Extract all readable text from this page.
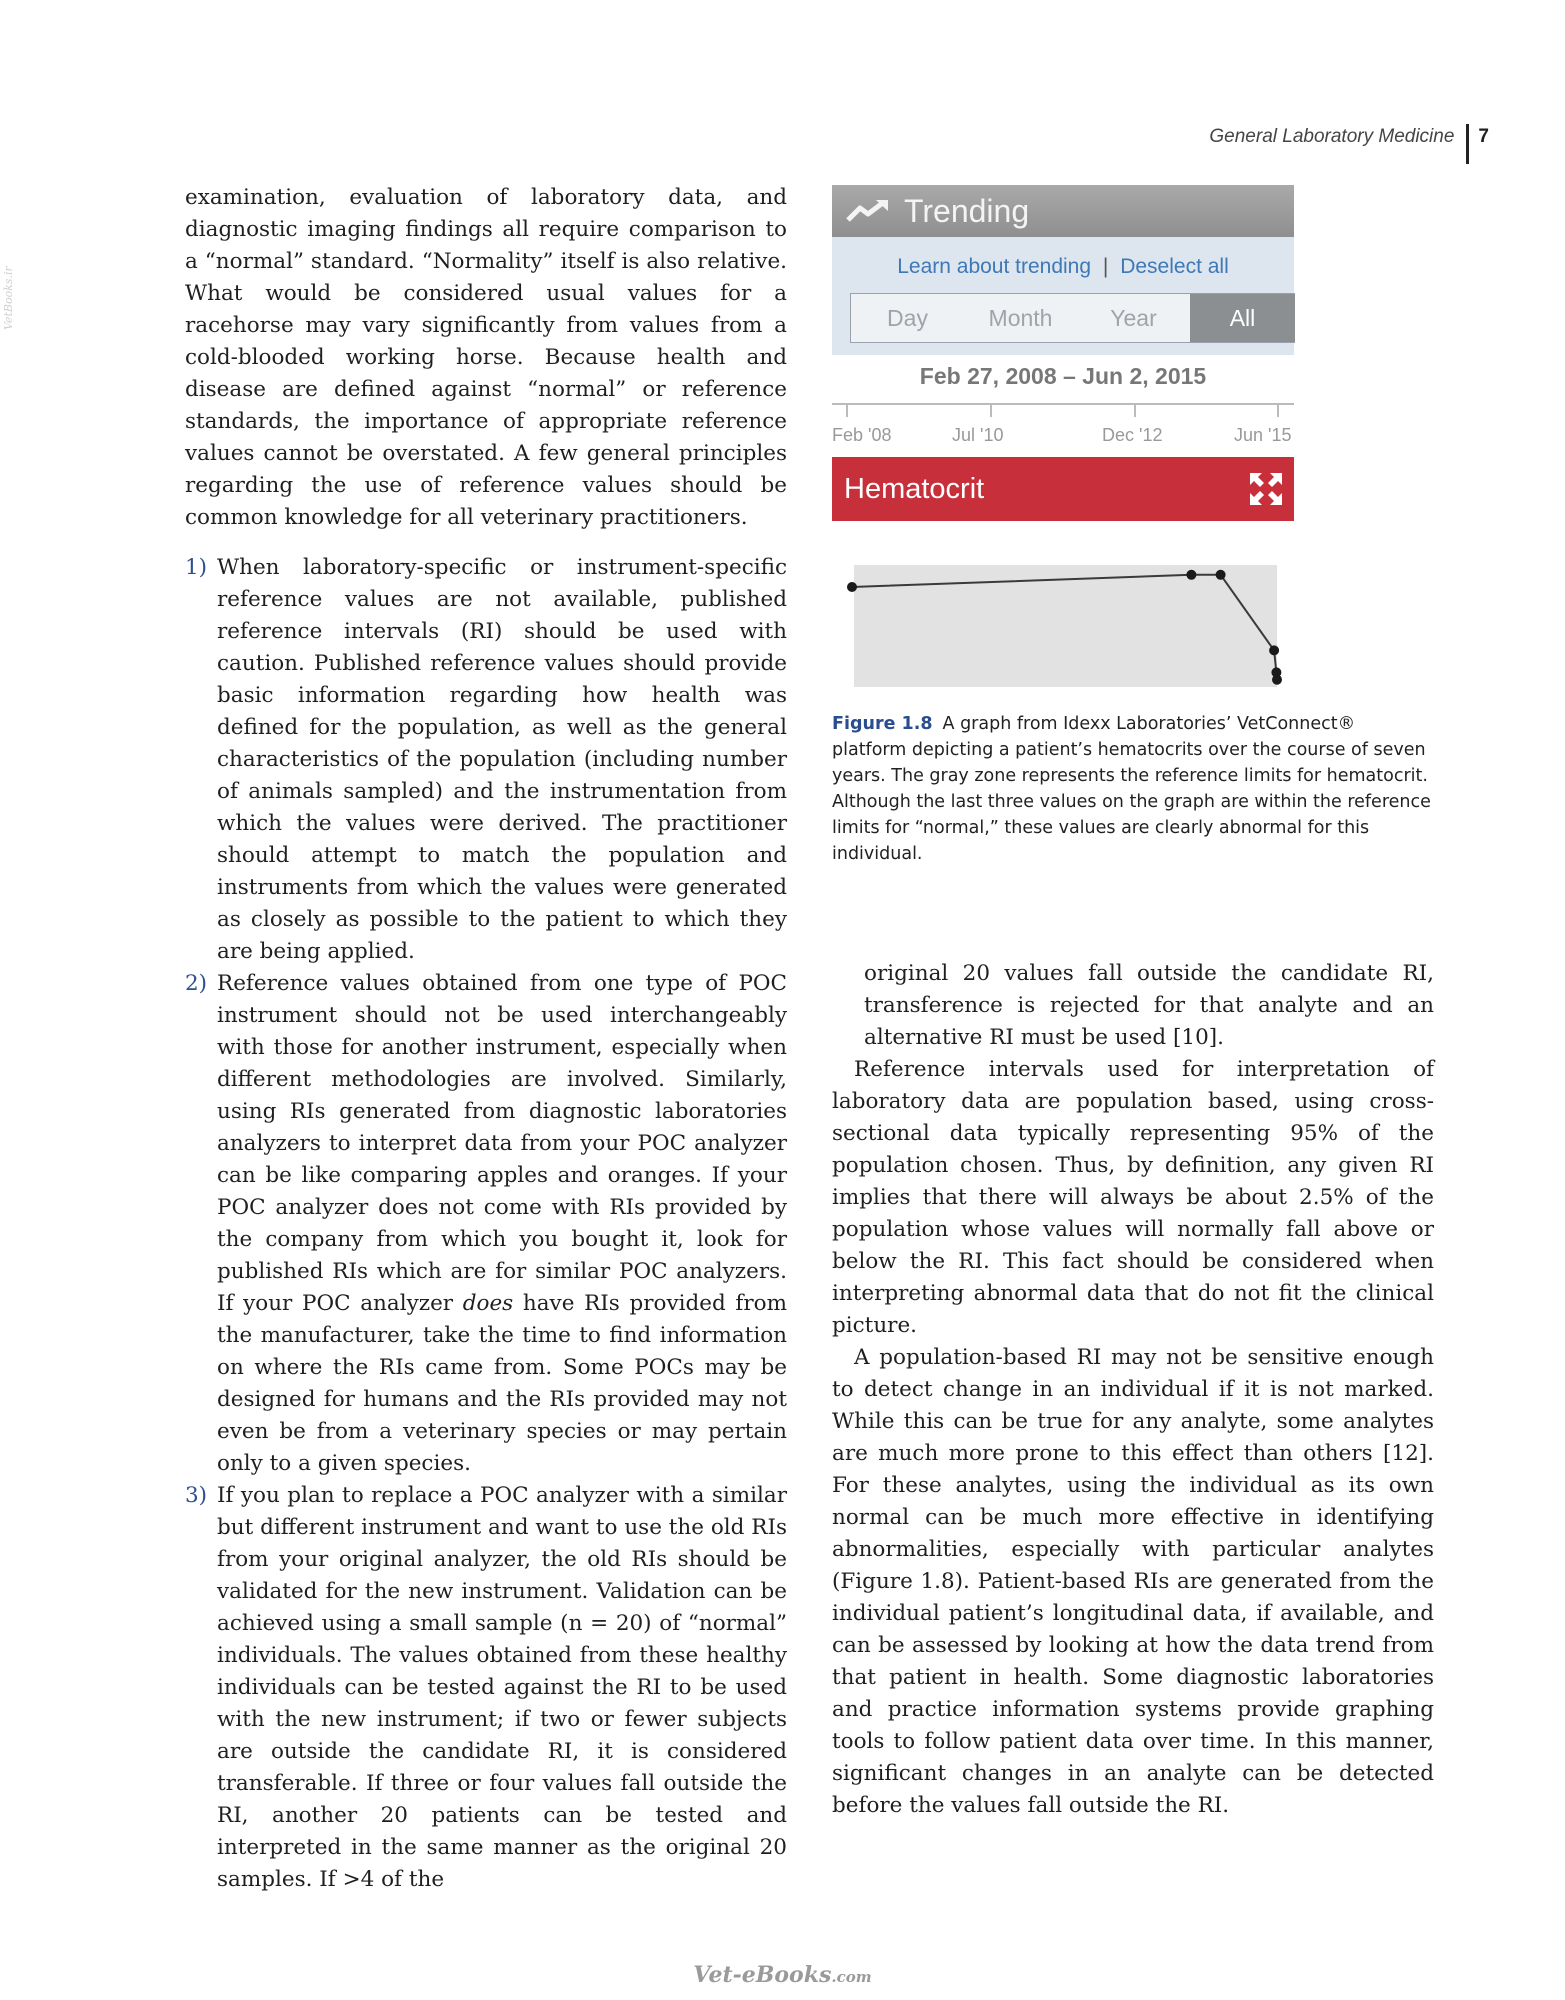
General Laboratory Medicine	7
VetBooks.ir

examination, evaluation of laboratory data, and diagnostic imaging findings all require comparison to a “normal” standard. “Normality” itself is also relative. What would be considered usual values for a racehorse may vary significantly from values from a cold-blooded working horse. Because health and disease are defined against “normal” or reference standards, the importance of appropriate reference values cannot be overstated. A few general principles regarding the use of reference values should be common knowledge for all veterinary practitioners.

1) When laboratory-specific or instrument-specific reference values are not available, published reference intervals (RI) should be used with caution. Published reference values should provide basic information regarding how health was defined for the population, as well as the general characteristics of the population (including number of animals sampled) and the instrumentation from which the values were derived. The practitioner should attempt to match the population and instruments from which the values were generated as closely as possible to the patient to which they are being applied.

2) Reference values obtained from one type of POC instrument should not be used interchangeably with those for another instrument, especially when different methodologies are involved. Similarly, using RIs generated from diagnostic laboratories analyzers to interpret data from your POC analyzer can be like comparing apples and oranges. If your POC analyzer does not come with RIs provided by the company from which you bought it, look for published RIs which are for similar POC analyzers. If your POC analyzer does have RIs provided from the manufacturer, take the time to find information on where the RIs came from. Some POCs may be designed for humans and the RIs provided may not even be from a veterinary species or may pertain only to a given species.

3) If you plan to replace a POC analyzer with a similar but different instrument and want to use the old RIs from your original analyzer, the old RIs should be validated for the new instrument. Validation can be achieved using a small sample (n = 20) of “normal” individuals. The values obtained from these healthy individuals can be tested against the RI to be used with the new instrument; if two or fewer subjects are outside the candidate RI, it is considered transferable. If three or four values fall outside the RI, another 20 patients can be tested and interpreted in the same manner as the original 20 samples. If >4 of the

Trending
Learn about trending | Deselect all
Day	Month	Year	All
Feb 27, 2008 – Jun 2, 2015
Feb '08	Jul '10	Dec '12	Jun '15
Hematocrit
Figure 1.8 A graph from Idexx Laboratories’ VetConnect® platform depicting a patient’s hematocrits over the course of seven years. The gray zone represents the reference limits for hematocrit. Although the last three values on the graph are within the reference limits for “normal,” these values are clearly abnormal for this individual.

original 20 values fall outside the candidate RI, transference is rejected for that analyte and an alternative RI must be used [10].

Reference intervals used for interpretation of laboratory data are population based, using cross-sectional data typically representing 95% of the population chosen. Thus, by definition, any given RI implies that there will always be about 2.5% of the population whose values will normally fall above or below the RI. This fact should be considered when interpreting abnormal data that do not fit the clinical picture.

A population-based RI may not be sensitive enough to detect change in an individual if it is not marked. While this can be true for any analyte, some analytes are much more prone to this effect than others [12]. For these analytes, using the individual as its own normal can be much more effective in identifying abnormalities, especially with particular analytes (Figure 1.8). Patient-based RIs are generated from the individual patient’s longitudinal data, if available, and can be assessed by looking at how the data trend from that patient in health. Some diagnostic laboratories and practice information systems provide graphing tools to follow patient data over time. In this manner, significant changes in an analyte can be detected before the values fall outside the RI.

Vet-eBooks.com
